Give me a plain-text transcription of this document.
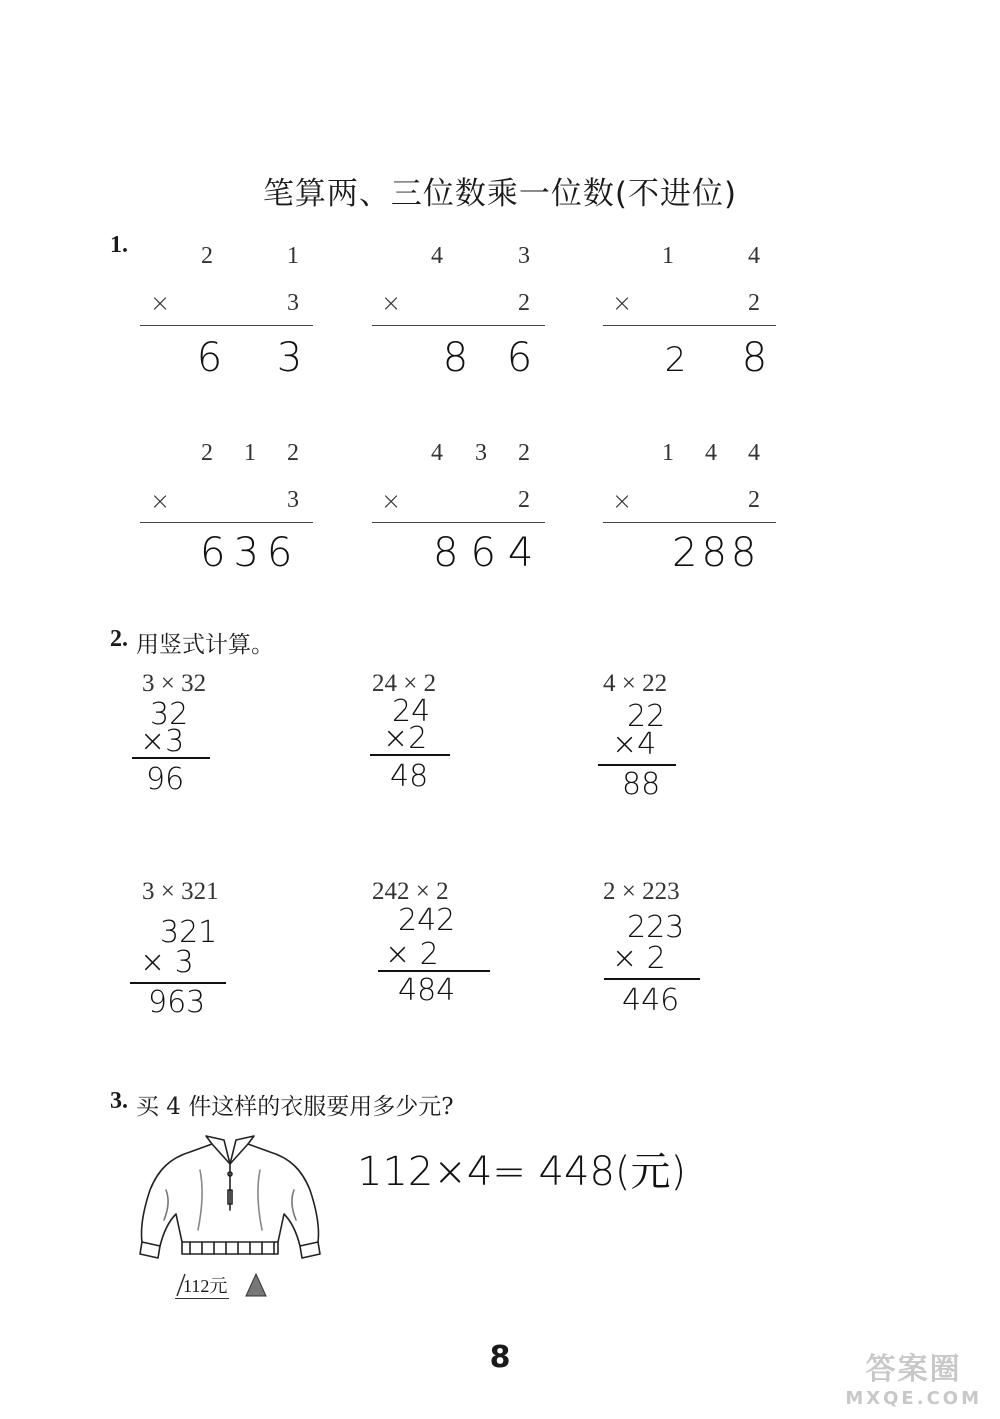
笔算两、三位数乘一位数(不进位)
1.	2	1
×	3
6 3
4	3
×	2
8 6
1	4
×	2
2 8
2 1 2
×	3
636
4 3 2
×	2
864
1 4 4
×	2
288
2. 用竖式计算。
3 × 32
32
×3
96
24 × 2
24
×2
48
4 × 22
22
×4
88
3 × 321
321
× 3
963
242 × 2
242
× 2
484
2 × 223
223
× 2
446
3. 买 4 件这样的衣服要用多少元?
112元
112×4= 448(元)
8	答案圈
MXQE.COM
